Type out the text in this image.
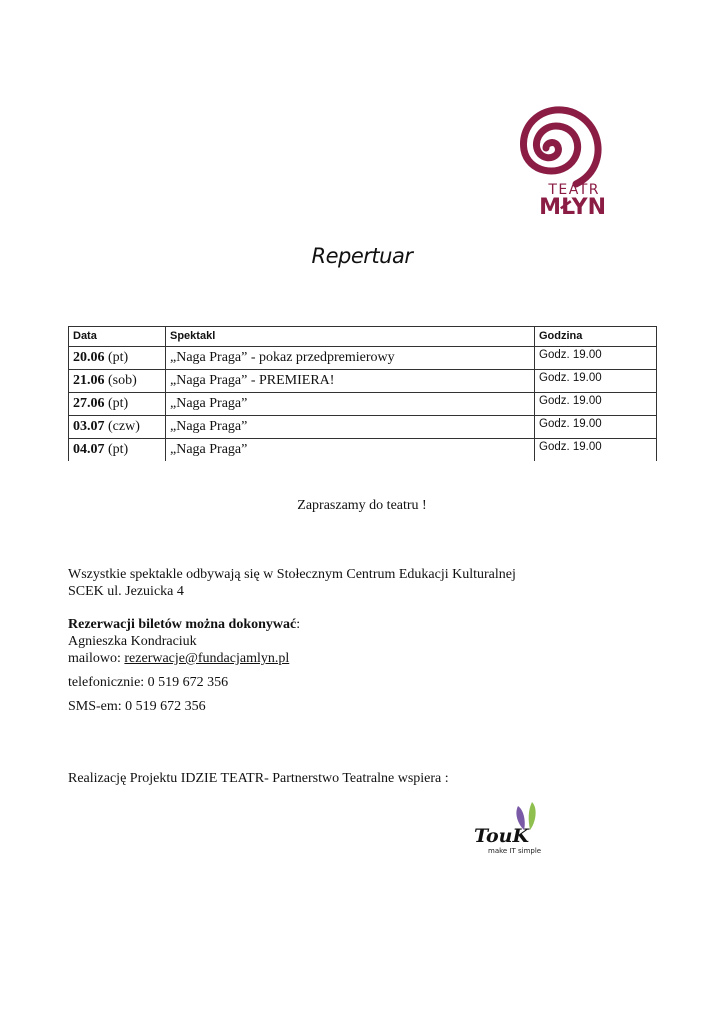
TEATR
MŁYN
Repertuar
Data	Spektakl	Godzina
20.06 (pt)	„Naga Praga” - pokaz przedpremierowy	Godz. 19.00
21.06 (sob)	„Naga Praga” - PREMIERA!	Godz. 19.00
27.06 (pt)	„Naga Praga”	Godz. 19.00
03.07 (czw)	„Naga Praga”	Godz. 19.00
04.07 (pt)	„Naga Praga”	Godz. 19.00
Zapraszamy do teatru !
Wszystkie spektakle odbywają się w Stołecznym Centrum Edukacji Kulturalnej
SCEK ul. Jezuicka 4
Rezerwacji biletów można dokonywać:
Agnieszka Kondraciuk
mailowo: rezerwacje@fundacjamlyn.pl
telefonicznie: 0 519 672 356
SMS-em: 0 519 672 356
Realizację Projektu IDZIE TEATR- Partnerstwo Teatralne wspiera :
TouK
make IT simple
